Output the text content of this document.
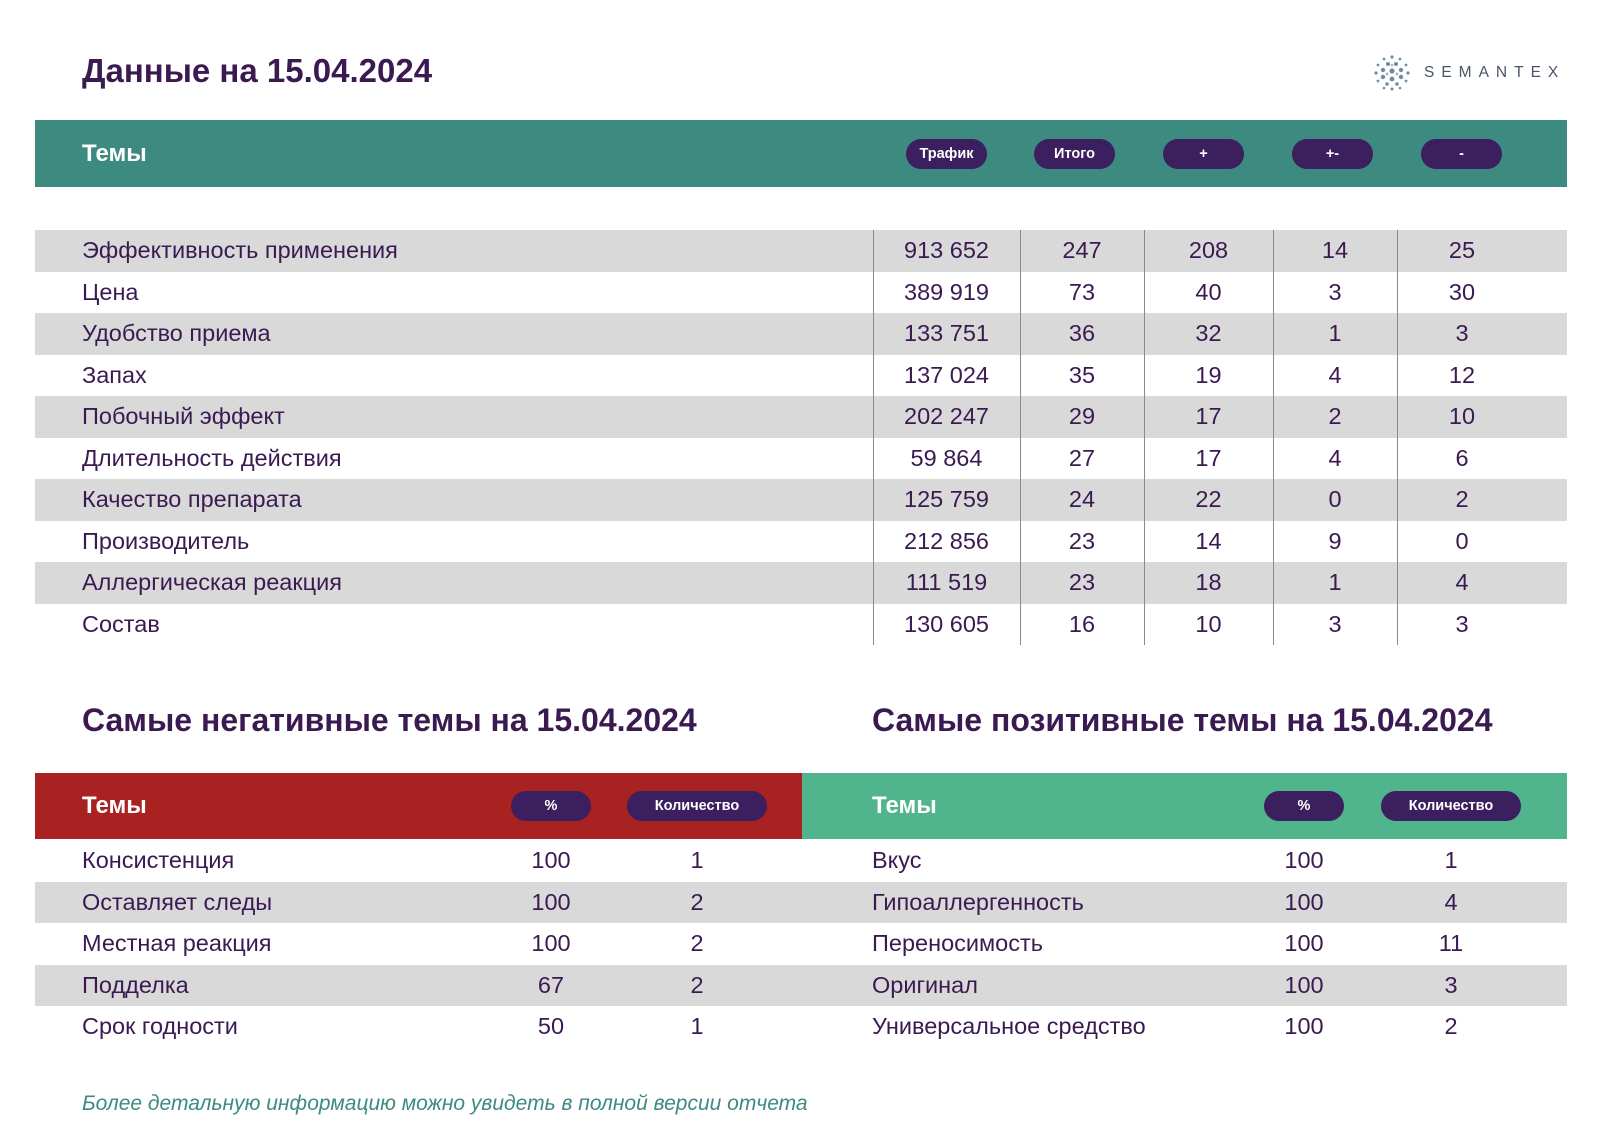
Данные на 15.04.2024	SEMANTEX
Темы	Трафик	Итого	+	+-	-
Эффективность применения	913 652	247	208	14	25
Цена	389 919	73	40	3	30
Удобство приема	133 751	36	32	1	3
Запах	137 024	35	19	4	12
Побочный эффект	202 247	29	17	2	10
Длительность действия	59 864	27	17	4	6
Качество препарата	125 759	24	22	0	2
Производитель	212 856	23	14	9	0
Аллергическая реакция	111 519	23	18	1	4
Состав	130 605	16	10	3	3
Самые негативные темы на 15.04.2024	Самые позитивные темы на 15.04.2024
Темы	%	Количество	Темы	%	Количество
Консистенция	100	1
Оставляет следы	100	2
Местная реакция	100	2
Подделка	67	2
Срок годности	50	1
Вкус	100	1
Гипоаллергенность	100	4
Переносимость	100	11
Оригинал	100	3
Универсальное средство	100	2
Более детальную информацию можно увидеть в полной версии отчета
